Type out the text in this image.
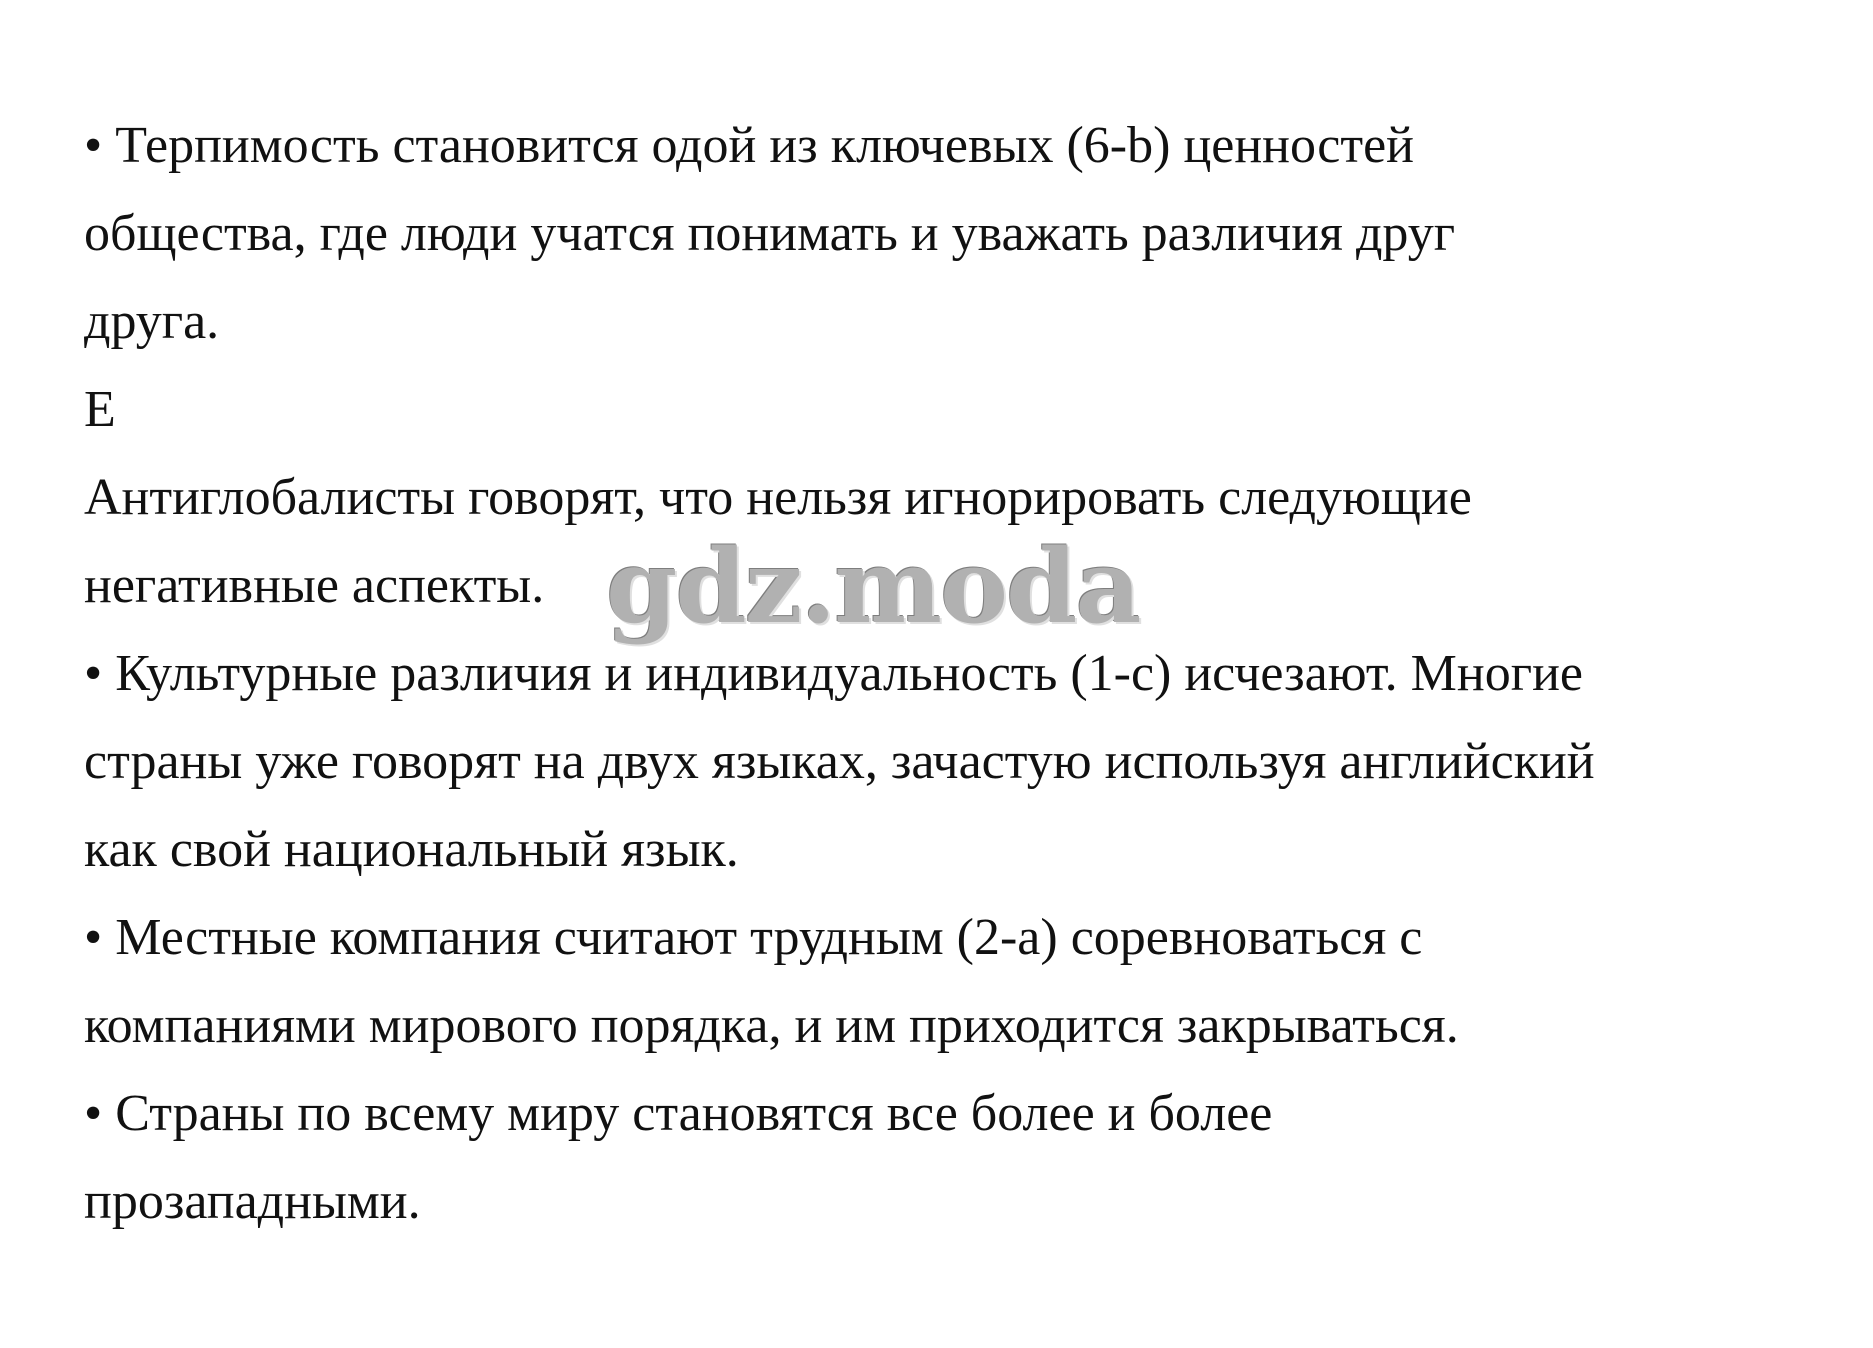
• Терпимость становится одой из ключевых (6-b) ценностей
общества, где люди учатся понимать и уважать различия друг
друга.
E
Антиглобалисты говорят, что нельзя игнорировать следующие
негативные аспекты.
• Культурные различия и индивидуальность (1-c) исчезают. Многие
страны уже говорят на двух языках, зачастую используя английский
как свой национальный язык.
• Местные компания считают трудным (2-a) соревноваться с
компаниями мирового порядка, и им приходится закрываться.
• Страны по всему миру становятся все более и более
прозападными.
gdz.moda
